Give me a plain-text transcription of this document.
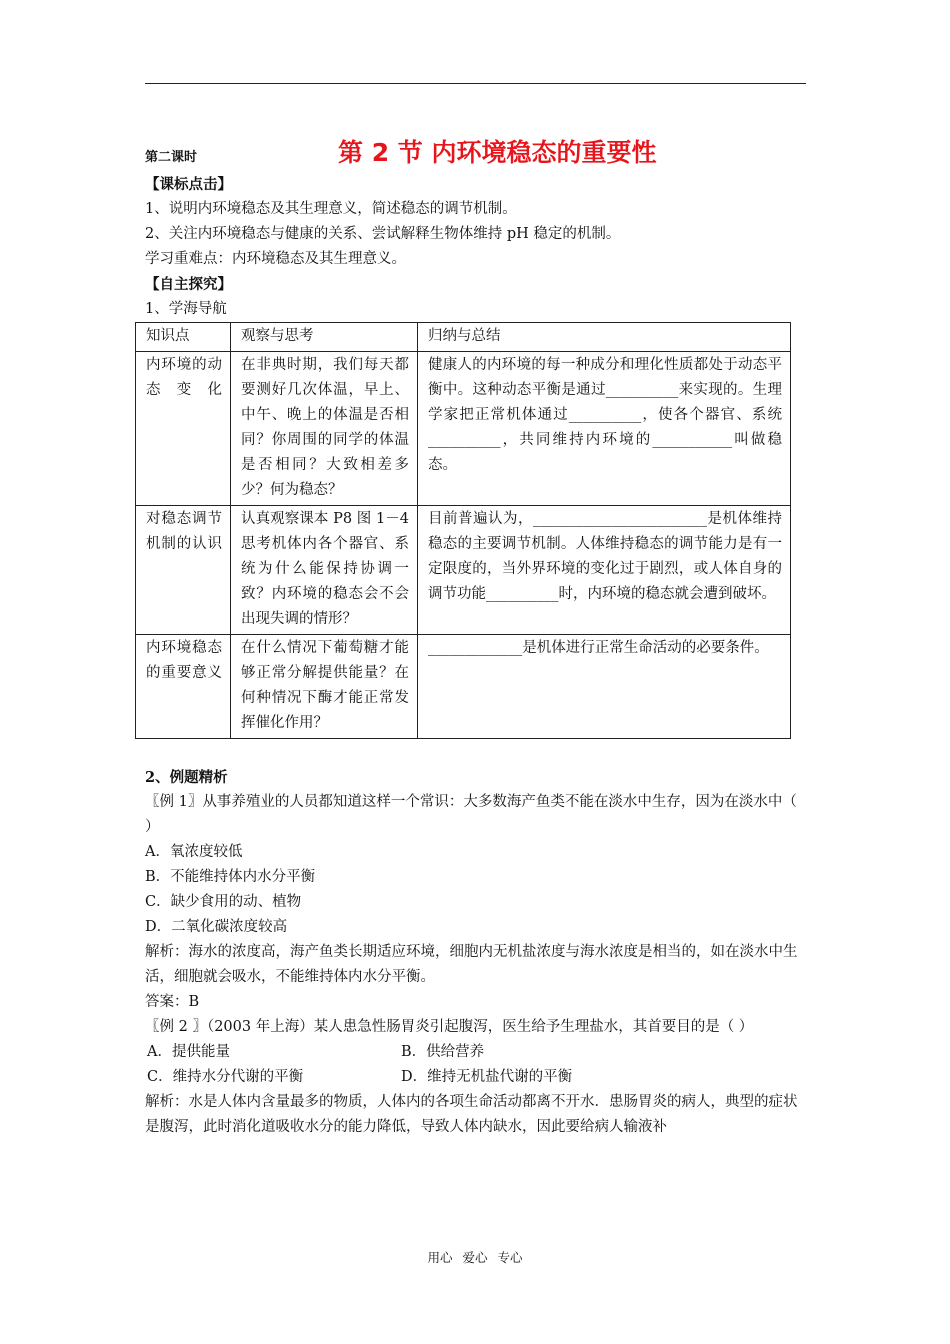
第二课时	第 2 节 内环境稳态的重要性
【课标点击】
1、说明内环境稳态及其生理意义，简述稳态的调节机制。
2、关注内环境稳态与健康的关系、尝试解释生物体维持 pH 稳定的机制。
学习重难点：内环境稳态及其生理意义。
【自主探究】
1、学海导航
知识点	观察与思考	归纳与总结
内环境的动态变化	在非典时期，我们每天都要测好几次体温，早上、中午、晚上的体温是否相同？你周围的同学的体温是否相同？大致相差多少？何为稳态？	健康人的内环境的每一种成分和理化性质都处于动态平衡中。这种动态平衡是通过__________来实现的。生理学家把正常机体通过__________，使各个器官、系统__________，共同维持内环境的___________叫做稳态。
对稳态调节机制的认识	认真观察课本 P8 图 1－4 思考机体内各个器官、系统为什么能保持协调一致？内环境的稳态会不会出现失调的情形？	目前普遍认为，________________________是机体维持稳态的主要调节机制。人体维持稳态的调节能力是有一定限度的，当外界环境的变化过于剧烈，或人体自身的调节功能__________时，内环境的稳态就会遭到破坏。
内环境稳态的重要意义	在什么情况下葡萄糖才能够正常分解提供能量？在何种情况下酶才能正常发挥催化作用？	_____________是机体进行正常生命活动的必要条件。
2、例题精析
〖例 1〗从事养殖业的人员都知道这样一个常识：大多数海产鱼类不能在淡水中生存，因为在淡水中（ ）
A．氧浓度较低
B．不能维持体内水分平衡
C．缺少食用的动、植物
D．二氧化碳浓度较高
解析：海水的浓度高，海产鱼类长期适应环境，细胞内无机盐浓度与海水浓度是相当的，如在淡水中生活，细胞就会吸水，不能维持体内水分平衡。
答案：B
〖例 2 〗（2003 年上海）某人患急性肠胃炎引起腹泻，医生给予生理盐水，其首要目的是（ ）
A．提供能量	B．供给营养
C．维持水分代谢的平衡	D．维持无机盐代谢的平衡
解析：水是人体内含量最多的物质，人体内的各项生命活动都离不开水．患肠胃炎的病人，典型的症状是腹泻，此时消化道吸收水分的能力降低，导致人体内缺水，因此要给病人输液补
用心 爱心 专心
